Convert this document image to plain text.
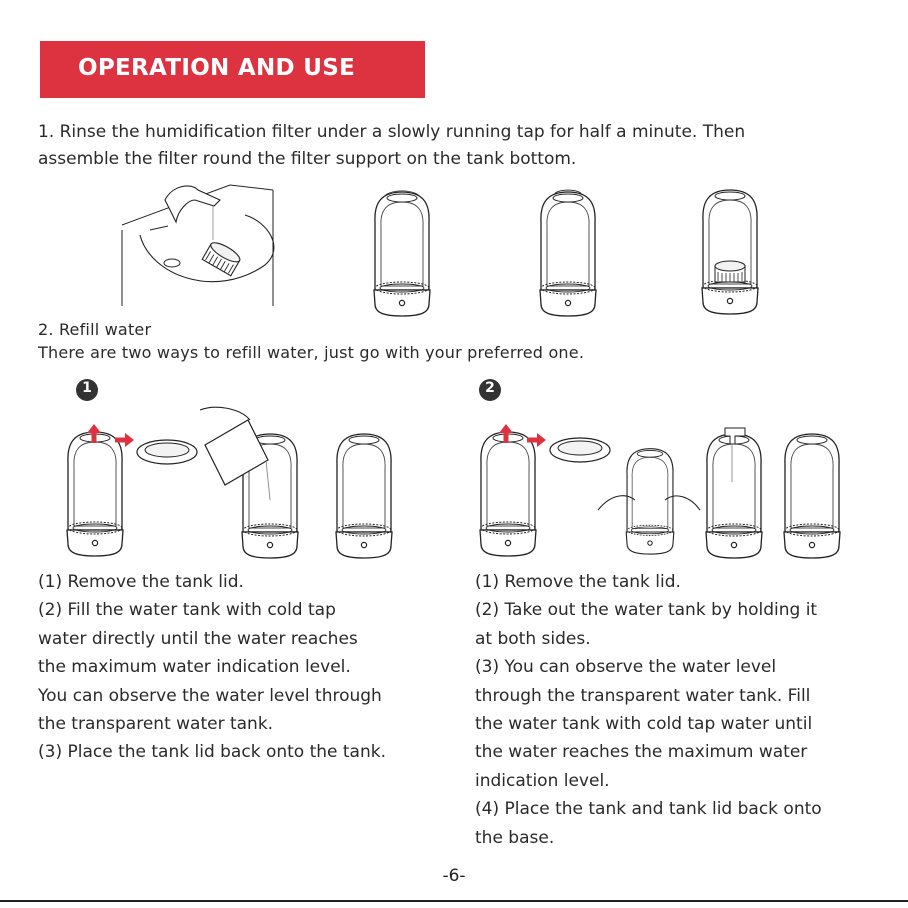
OPERATION AND USE
1. Rinse the humidification filter under a slowly running tap for half a minute. Then
assemble the filter round the filter support on the tank bottom.
1	2
2. Refill water
There are two ways to refill water, just go with your preferred one.
(1) Remove the tank lid.
(2) Fill the water tank with cold tap
water directly until the water reaches
the maximum water indication level.
You can observe the water level through
the transparent water tank.
(3) Place the tank lid back onto the tank.
(1) Remove the tank lid.
(2) Take out the water tank by holding it
at both sides.
(3) You can observe the water level
through the transparent water tank. Fill
the water tank with cold tap water until
the water reaches the maximum water
indication level.
(4) Place the tank and tank lid back onto
the base.
-6-
